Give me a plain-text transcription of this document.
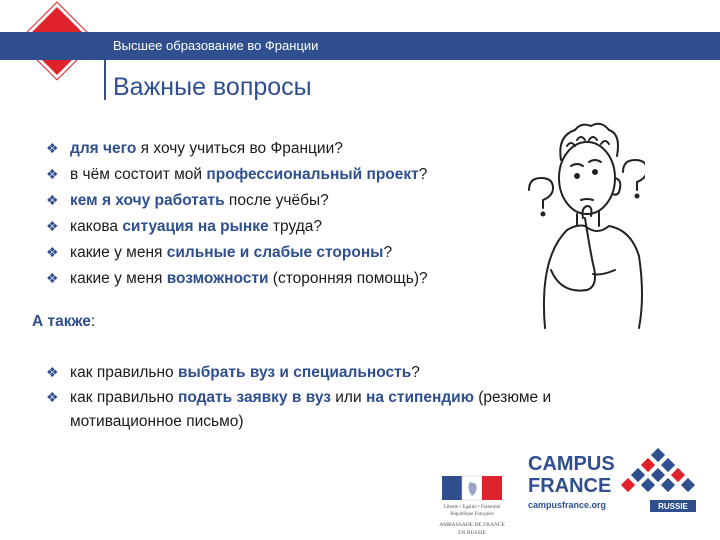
Высшее образование во Франции
Важные вопросы
❖ для чего я хочу учиться во Франции?
❖ в чём состоит мой профессиональный проект?
❖ кем я хочу работать после учёбы?
❖ какова ситуация на рынке труда?
❖ какие у меня сильные и слабые стороны?
❖ какие у меня возможности (сторонняя помощь)?
А также:
❖ как правильно выбрать вуз и специальность?
❖ как правильно подать заявку в вуз или на стипендию (резюме и
мотивационное письмо)
Liberté • Égalité • Fraternité
République Française
AMBASSADE DE FRANCE
EN RUSSIE
CAMPUS
FRANCE
campusfrance.org	RUSSIE
